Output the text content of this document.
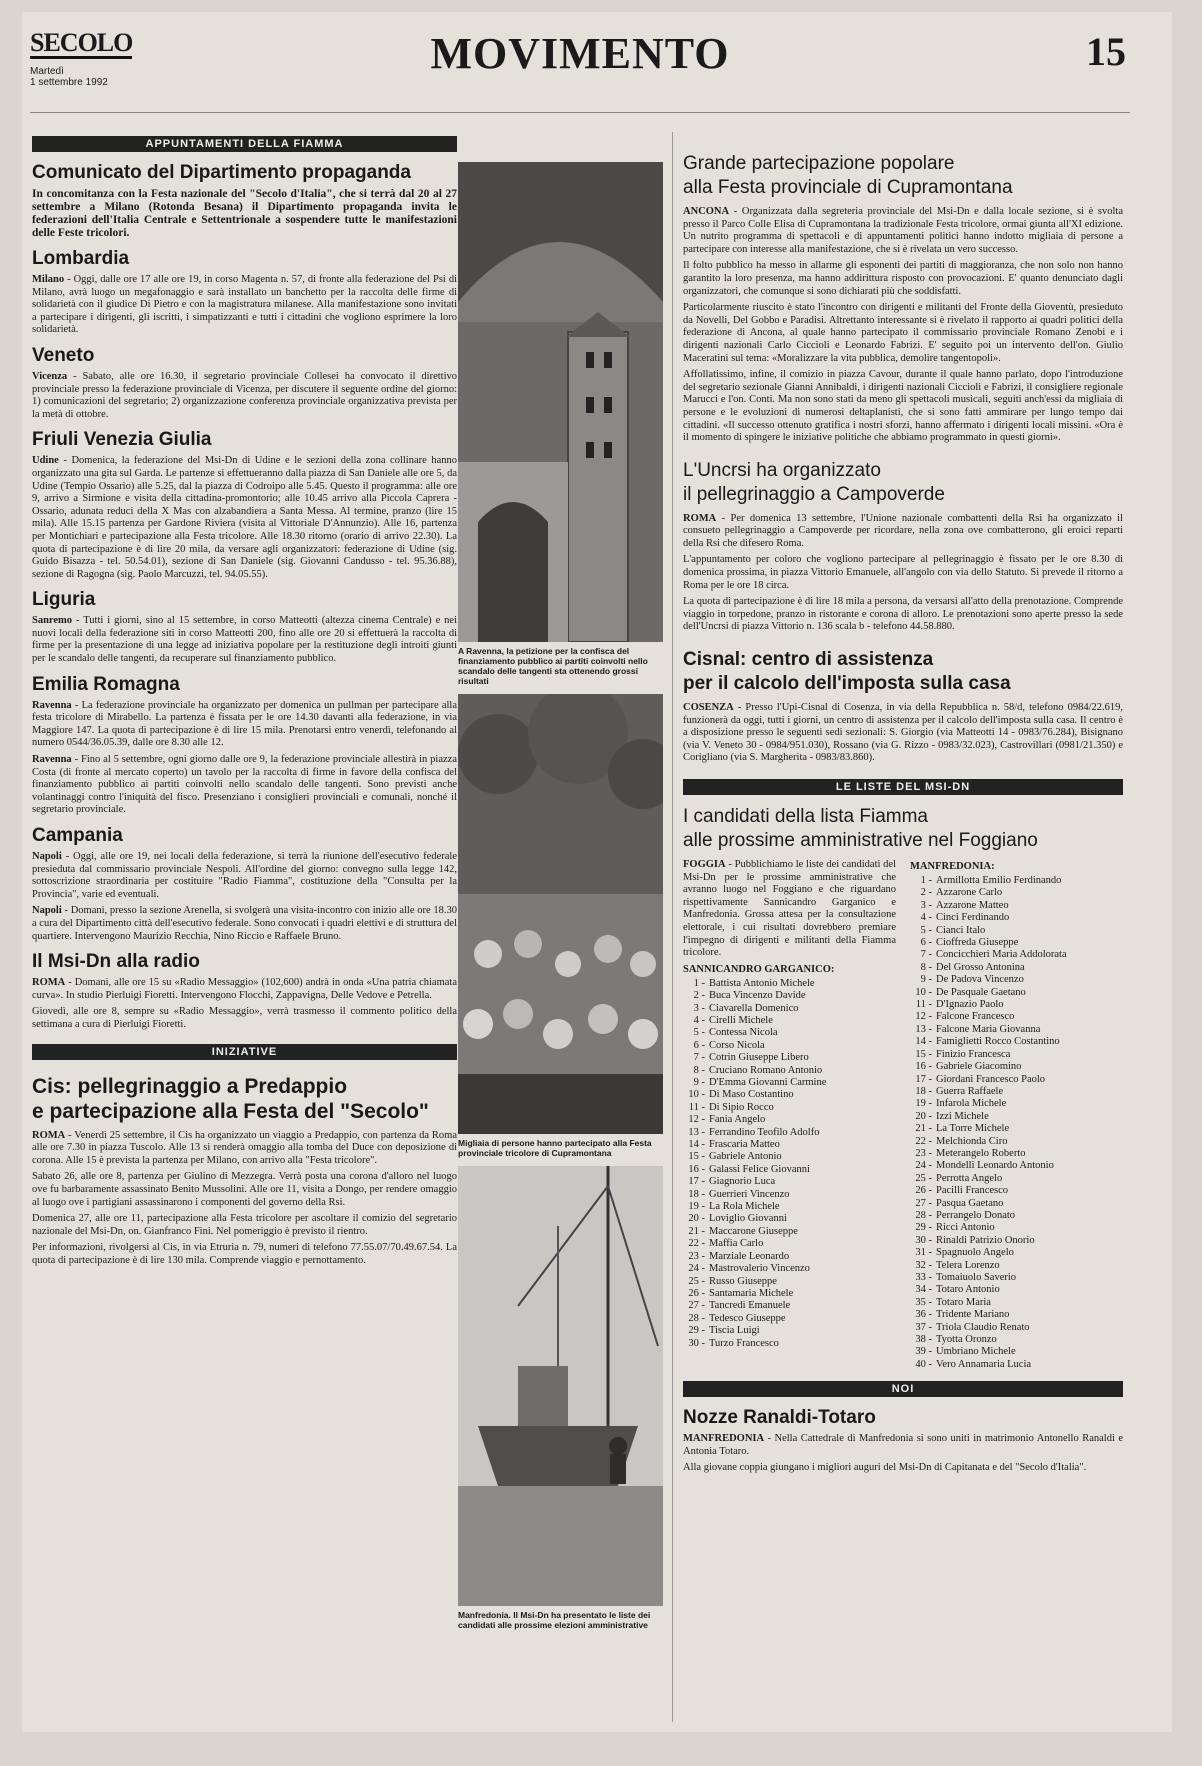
SECOLO
Martedì
1 settembre 1992
MOVIMENTO	15
APPUNTAMENTI DELLA FIAMMA
Comunicato del Dipartimento propaganda

In concomitanza con la Festa nazionale del "Secolo d'Italia", che si terrà dal 20 al 27 settembre a Milano (Rotonda Besana) il Dipartimento propaganda invita le federazioni dell'Italia Centrale e Settentrionale a sospendere tutte le manifestazioni delle Feste tricolori.

Lombardia

Milano - Oggi, dalle ore 17 alle ore 19, in corso Magenta n. 57, di fronte alla federazione del Psi di Milano, avrà luogo un megafonaggio e sarà installato un banchetto per la raccolta delle firme di solidarietà con il giudice Di Pietro e con la magistratura milanese. Alla manifestazione sono invitati a partecipare i dirigenti, gli iscritti, i simpatizzanti e tutti i cittadini che vogliono esprimere la loro solidarietà.

Veneto

Vicenza - Sabato, alle ore 16.30, il segretario provinciale Collesei ha convocato il direttivo provinciale presso la federazione provinciale di Vicenza, per discutere il seguente ordine del giorno: 1) comunicazioni del segretario; 2) organizzazione conferenza provinciale organizzativa prevista per la metà di ottobre.

Friuli Venezia Giulia

Udine - Domenica, la federazione del Msi-Dn di Udine e le sezioni della zona collinare hanno organizzato una gita sul Garda. Le partenze si effettueranno dalla piazza di San Daniele alle ore 5, da Udine (Tempio Ossario) alle 5.25, dal la piazza di Codroipo alle 5.45. Questo il programma: alle ore 9, arrivo a Sirmione e visita della cittadina-promontorio; alle 10.45 arrivo alla Piccola Caprera - Ossario, adunata reduci della X Mas con alzabandiera a Santa Messa. Al termine, pranzo (lire 15 mila). Alle 15.15 partenza per Gardone Riviera (visita al Vittoriale D'Annunzio). Alle 16, partenza per Montichiari e partecipazione alla Festa tricolore. Alle 18.30 ritorno (orario di arrivo 22.30). La quota di partecipazione è di lire 20 mila, da versare agli organizzatori: federazione di Udine (sig. Guido Bisazza - tel. 50.54.01), sezione di San Daniele (sig. Giovanni Candusso - tel. 95.36.88), sezione di Ragogna (sig. Paolo Marcuzzi, tel. 94.05.55).

Liguria

Sanremo - Tutti i giorni, sino al 15 settembre, in corso Matteotti (altezza cinema Centrale) e nei nuovi locali della federazione siti in corso Matteotti 200, fino alle ore 20 si effettuerà la raccolta di firme per la presentazione di una legge ad iniziativa popolare per la restituzione degli introiti giunti per le scandalo delle tangenti, da recuperare sul finanziamento pubblico.

Emilia Romagna

Ravenna - La federazione provinciale ha organizzato per domenica un pullman per partecipare alla festa tricolore di Mirabello. La partenza è fissata per le ore 14.30 davanti alla federazione, in via Maggiore 147. La quota di partecipazione è di lire 15 mila. Prenotarsi entro venerdì, telefonando al numero 0544/36.05.39, dalle ore 8.30 alle 12.

Ravenna - Fino al 5 settembre, ogni giorno dalle ore 9, la federazione provinciale allestirà in piazza Costa (di fronte al mercato coperto) un tavolo per la raccolta di firme in favore della confisca del finanziamento pubblico ai partiti coinvolti nello scandalo delle tangenti. Sono previsti anche volantinaggi contro l'iniquità del fisco. Presenziano i consiglieri provinciali e comunali, nonché il segretario provinciale.

Campania

Napoli - Oggi, alle ore 19, nei locali della federazione, si terrà la riunione dell'esecutivo federale presieduta dal commissario provinciale Nespoli. All'ordine del giorno: convegno sulla legge 142, sottoscrizione straordinaria per costituire "Radio Fiamma", costituzione della "Consulta per la Provincia", varie ed eventuali.

Napoli - Domani, presso la sezione Arenella, si svolgerà una visita-incontro con inizio alle ore 18.30 a cura del Dipartimento città dell'esecutivo federale. Sono convocati i quadri elettivi e di struttura del quartiere. Intervengono Maurizio Recchia, Nino Riccio e Raffaele Bruno.

Il Msi-Dn alla radio

ROMA - Domani, alle ore 15 su «Radio Messaggio» (102,600) andrà in onda «Una patria chiamata curva». In studio Pierluigi Fioretti. Intervengono Flocchi, Zappavigna, Delle Vedove e Petrella.

Giovedì, alle ore 8, sempre su «Radio Messaggio», verrà trasmesso il commento politico della settimana a cura di Pierluigi Fioretti.

INIZIATIVE
Cis: pellegrinaggio a Predappio
e partecipazione alla Festa del "Secolo"

ROMA - Venerdì 25 settembre, il Cis ha organizzato un viaggio a Predappio, con partenza da Roma alle ore 7.30 in piazza Tuscolo. Alle 13 si renderà omaggio alla tomba del Duce con deposizione di corona. Alle 15 è prevista la partenza per Milano, con arrivo alla "Festa tricolore".

Sabato 26, alle ore 8, partenza per Giulino di Mezzegra. Verrà posta una corona d'alloro nel luogo ove fu barbaramente assassinato Benito Mussolini. Alle ore 11, visita a Dongo, per rendere omaggio al luogo ove i partigiani assassinarono i componenti del governo della Rsi.

Domenica 27, alle ore 11, partecipazione alla Festa tricolore per ascoltare il comizio del segretario nazionale del Msi-Dn, on. Gianfranco Fini. Nel pomeriggio è previsto il rientro.

Per informazioni, rivolgersi al Cis, in via Etruria n. 79, numeri di telefono 77.55.07/70.49.67.54. La quota di partecipazione è di lire 130 mila. Comprende viaggio e pernottamento.

A Ravenna, la petizione per la confisca del finanziamento pubblico ai partiti coinvolti nello scandalo delle tangenti sta ottenendo grossi risultati
Migliaia di persone hanno partecipato alla Festa provinciale tricolore di Cupramontana
Manfredonia. Il Msi-Dn ha presentato le liste dei candidati alle prossime elezioni amministrative
Grande partecipazione popolare
alla Festa provinciale di Cupramontana

ANCONA - Organizzata dalla segreteria provinciale del Msi-Dn e dalla locale sezione, si è svolta presso il Parco Colle Elisa di Cupramontana la tradizionale Festa tricolore, ormai giunta all'XI edizione. Un nutrito programma di spettacoli e di appuntamenti politici hanno indotto migliaia di persone a partecipare con interesse alla manifestazione, che si è rivelata un vero successo.

Il folto pubblico ha messo in allarme gli esponenti dei partiti di maggioranza, che non solo non hanno garantito la loro presenza, ma hanno addirittura risposto con provocazioni. E' quanto denunciato dagli organizzatori, che comunque si sono dichiarati più che soddisfatti.

Particolarmente riuscito è stato l'incontro con dirigenti e militanti del Fronte della Gioventù, presieduto da Novelli, Del Gobbo e Paradisi. Altrettanto interessante si è rivelato il rapporto ai quadri politici della federazione di Ancona, al quale hanno partecipato il commissario provinciale Romano Zenobi e i dirigenti nazionali Carlo Ciccioli e Leonardo Fabrizi. E' seguito poi un intervento dell'on. Giulio Maceratini sul tema: «Moralizzare la vita pubblica, demolire tangentopoli».

Affollatissimo, infine, il comizio in piazza Cavour, durante il quale hanno parlato, dopo l'introduzione del segretario sezionale Gianni Annibaldi, i dirigenti nazionali Ciccioli e Fabrizi, il consigliere regionale Marucci e l'on. Conti. Ma non sono stati da meno gli spettacoli musicali, seguiti anch'essi da migliaia di persone e le evoluzioni di numerosi deltaplanisti, che si sono fatti ammirare per lungo tempo dai cittadini. «Il successo ottenuto gratifica i nostri sforzi, hanno affermato i dirigenti locali missini. «Ora è il momento di spingere le iniziative politiche che abbiamo programmato in questi giorni».

L'Uncrsi ha organizzato
il pellegrinaggio a Campoverde

ROMA - Per domenica 13 settembre, l'Unione nazionale combattenti della Rsi ha organizzato il consueto pellegrinaggio a Campoverde per ricordare, nella zona ove combatterono, gli eroici reparti della Rsi che difesero Roma.

L'appuntamento per coloro che vogliono partecipare al pellegrinaggio è fissato per le ore 8.30 di domenica prossima, in piazza Vittorio Emanuele, all'angolo con via dello Statuto. Si prevede il ritorno a Roma per le ore 18 circa.

La quota di partecipazione è di lire 18 mila a persona, da versarsi all'atto della prenotazione. Comprende viaggio in torpedone, pranzo in ristorante e corona di alloro. Le prenotazioni sono aperte presso la sede dell'Uncrsi di piazza Vittorio n. 136 scala b - telefono 44.58.880.

Cisnal: centro di assistenza
per il calcolo dell'imposta sulla casa

COSENZA - Presso l'Upi-Cisnal di Cosenza, in via della Repubblica n. 58/d, telefono 0984/22.619, funzionerà da oggi, tutti i giorni, un centro di assistenza per il calcolo dell'imposta sulla casa. Il centro è a disposizione presso le seguenti sedi sezionali: S. Giorgio (via Matteotti 14 - 0983/76.284), Bisignano (via V. Veneto 30 - 0984/951.030), Rossano (via G. Rizzo - 0983/32.023), Castrovillari (0981/21.350) e Corigliano (via S. Margherita - 0983/83.860).

LE LISTE DEL MSI-DN
I candidati della lista Fiamma
alle prossime amministrative nel Foggiano

FOGGIA - Pubblichiamo le liste dei candidati del Msi-Dn per le prossime amministrative che avranno luogo nel Foggiano e che riguardano rispettivamente Sannicandro Garganico e Manfredonia. Grossa attesa per la consultazione elettorale, i cui risultati dovrebbero premiare l'impegno di dirigenti e militanti della Fiamma tricolore.

SANNICANDRO GARGANICO:
1 - Battista Antonio Michele
2 - Buca Vincenzo Davide
3 - Ciavarella Domenico
4 - Cirelli Michele
5 - Contessa Nicola
6 - Corso Nicola
7 - Cotrin Giuseppe Libero
8 - Cruciano Romano Antonio
9 - D'Emma Giovanni Carmine
10 - Di Maso Costantino
11 - Di Sipio Rocco
12 - Fania Angelo
13 - Ferrandino Teofilo Adolfo
14 - Frascaria Matteo
15 - Gabriele Antonio
16 - Galassi Felice Giovanni
17 - Giagnorio Luca
18 - Guerrieri Vincenzo
19 - La Rola Michele
20 - Loviglio Giovanni
21 - Maccarone Giuseppe
22 - Maffia Carlo
23 - Marziale Leonardo
24 - Mastrovalerio Vincenzo
25 - Russo Giuseppe
26 - Santamaria Michele
27 - Tancredi Emanuele
28 - Tedesco Giuseppe
29 - Tiscia Luigi
30 - Turzo Francesco
MANFREDONIA:
1 - Armillotta Emilio Ferdinando
2 - Azzarone Carlo
3 - Azzarone Matteo
4 - Cinci Ferdinando
5 - Cianci Italo
6 - Cioffreda Giuseppe
7 - Concicchieri Maria Addolorata
8 - Del Grosso Antonina
9 - De Padova Vincenzo
10 - De Pasquale Gaetano
11 - D'Ignazio Paolo
12 - Falcone Francesco
13 - Falcone Maria Giovanna
14 - Famiglietti Rocco Costantino
15 - Finizio Francesca
16 - Gabriele Giacomino
17 - Giordani Francesco Paolo
18 - Guerra Raffaele
19 - Infarola Michele
20 - Izzi Michele
21 - La Torre Michele
22 - Melchionda Ciro
23 - Meterangelo Roberto
24 - Mondelli Leonardo Antonio
25 - Perrotta Angelo
26 - Pacilli Francesco
27 - Pasqua Gaetano
28 - Perrangelo Donato
29 - Ricci Antonio
30 - Rinaldi Patrizio Onorio
31 - Spagnuolo Angelo
32 - Telera Lorenzo
33 - Tomaiuolo Saverio
34 - Totaro Antonio
35 - Totaro Maria
36 - Tridente Mariano
37 - Triola Claudio Renato
38 - Tyotta Oronzo
39 - Umbriano Michele
40 - Vero Annamaria Lucia
NOI
Nozze Ranaldi-Totaro

MANFREDONIA - Nella Cattedrale di Manfredonia si sono uniti in matrimonio Antonello Ranaldi e Antonia Totaro.

Alla giovane coppia giungano i migliori auguri del Msi-Dn di Capitanata e del "Secolo d'Italia".
